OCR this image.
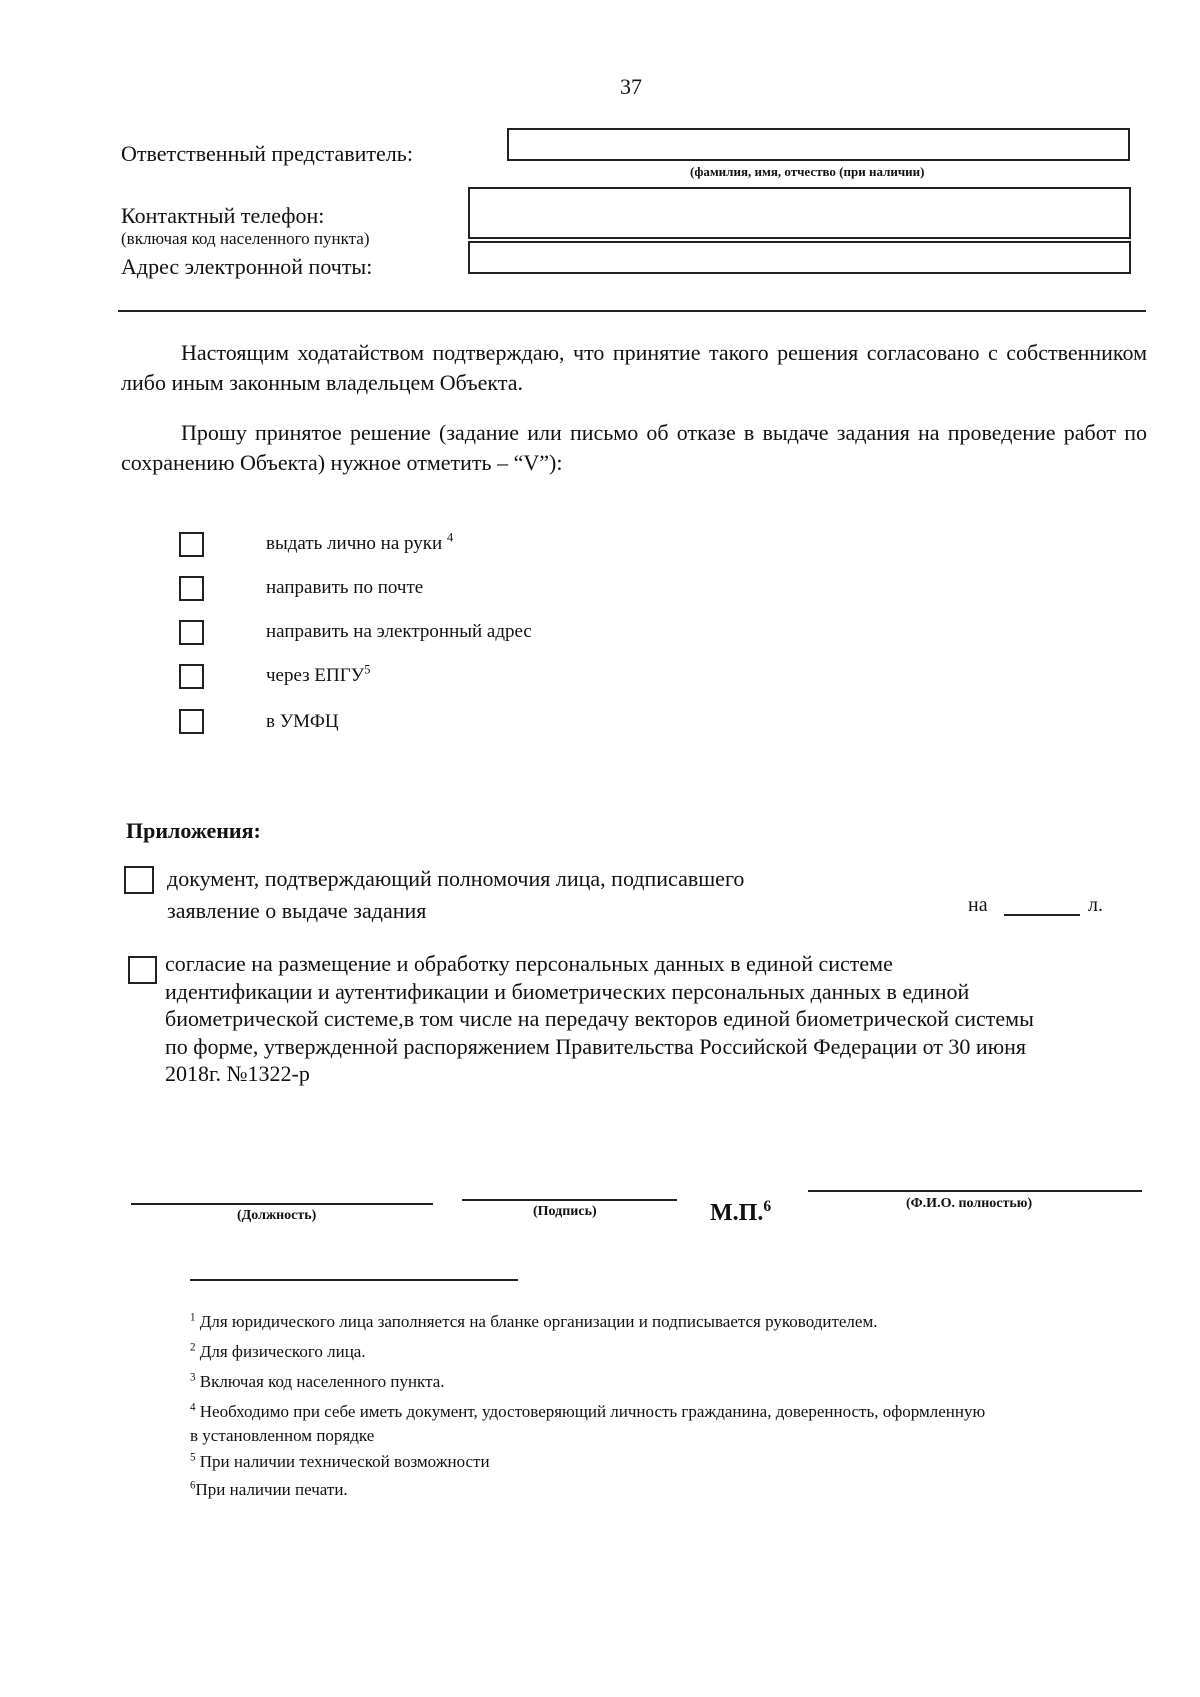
37
Ответственный представитель:
(фамилия, имя, отчество (при наличии)
Контактный телефон:
(включая код населенного пункта)
Адрес электронной почты:
Настоящим ходатайством подтверждаю, что принятие такого решения согласовано с собственником либо иным законным владельцем Объекта.
Прошу принятое решение (задание или письмо об отказе в выдаче задания на проведение работ по сохранению Объекта) нужное отметить – “V”):
выдать лично на руки $^4$
направить по почте
направить на электронный адрес
через ЕПГУ$^5$
в УМФЦ
Приложения:
документ, подтверждающий полномочия лица, подписавшего
заявление о выдаче задания	на	л.
согласие на размещение и обработку персональных данных в единой системе
идентификации и аутентификации и биометрических персональных данных в единой
биометрической системе,в том числе на передачу векторов единой биометрической системы
по форме, утвержденной распоряжением Правительства Российской Федерации от 30 июня
2018г. №1322-р
(Должность)	(Подпись)	М.П.$^6$	(Ф.И.О. полностью)
$^1$ Для юридического лица заполняется на бланке организации и подписывается руководителем.
$^2$ Для физического лица.
$^3$ Включая код населенного пункта.
$^4$ Необходимо при себе иметь документ, удостоверяющий личность гражданина, доверенность, оформленную
в установленном порядке
$^5$ При наличии технической возможности
$^6$При наличии печати.
